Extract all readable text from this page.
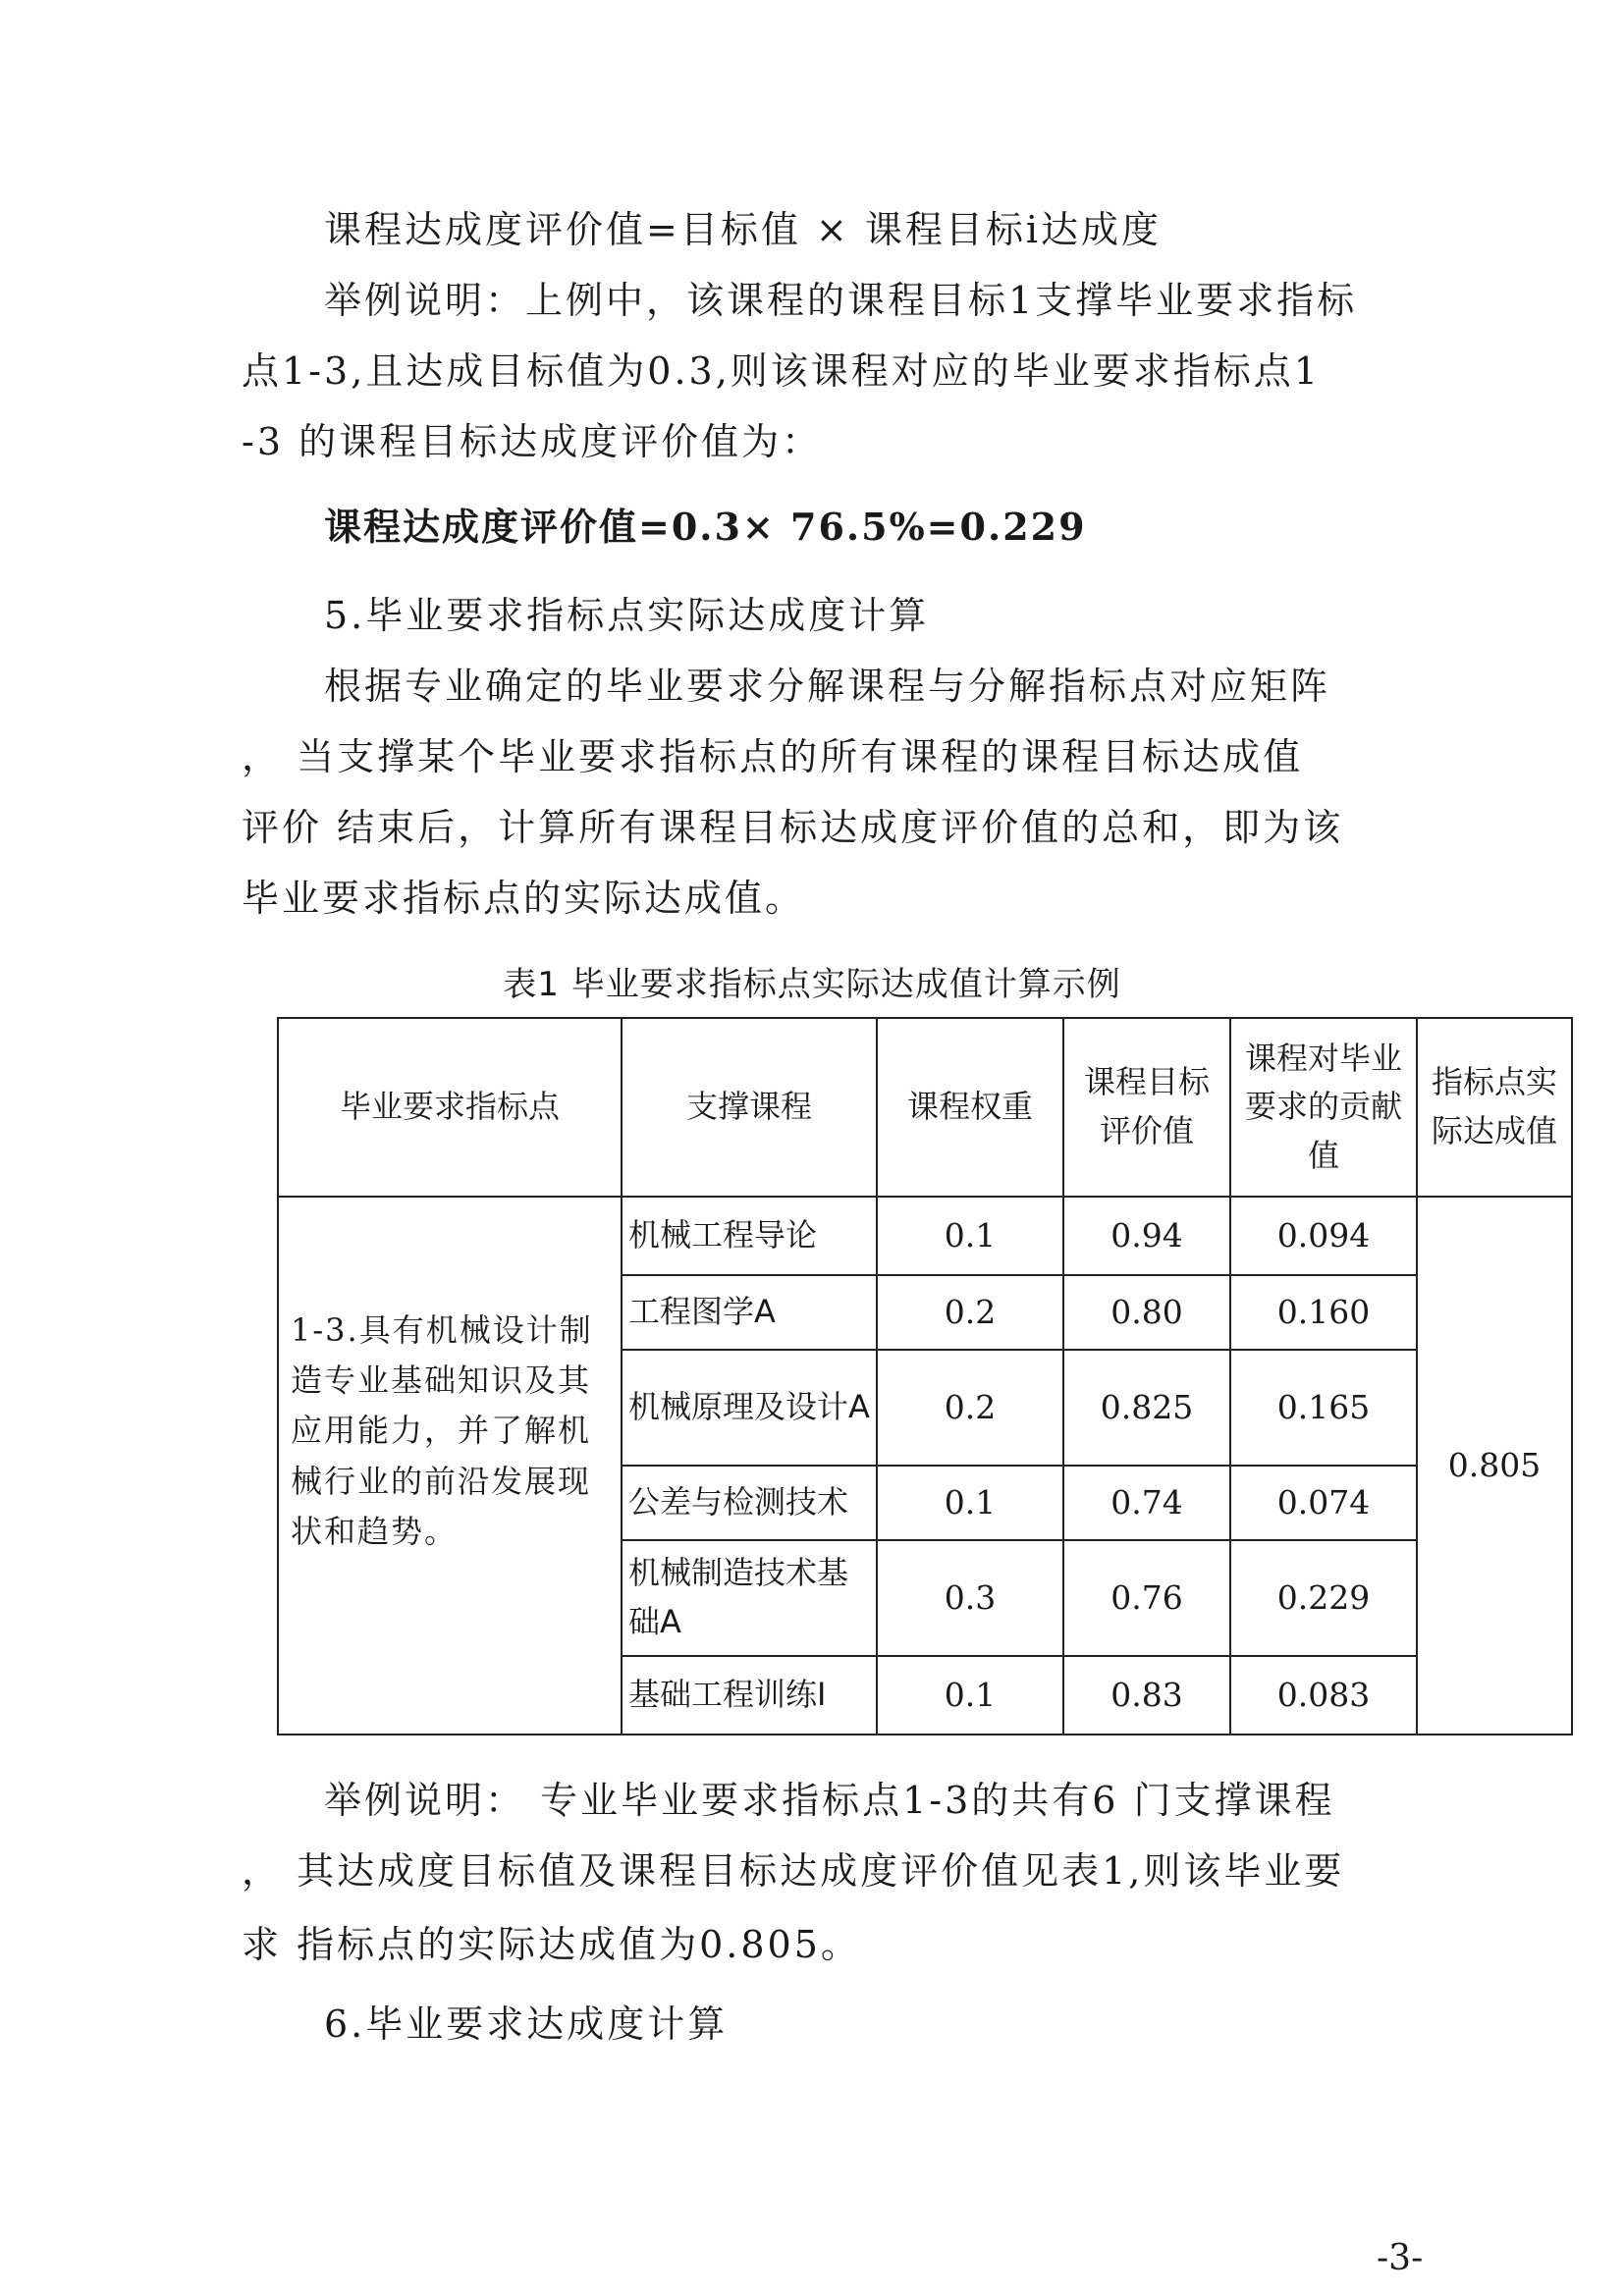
课程达成度评价值=目标值 × 课程目标i达成度
举例说明：上例中，该课程的课程目标1支撑毕业要求指标
点1-3,且达成目标值为0.3,则该课程对应的毕业要求指标点1
-3 的课程目标达成度评价值为：
课程达成度评价值=0.3× 76.5%=0.229
5.毕业要求指标点实际达成度计算
根据专业确定的毕业要求分解课程与分解指标点对应矩阵
， 当支撑某个毕业要求指标点的所有课程的课程目标达成值
评价 结束后，计算所有课程目标达成度评价值的总和，即为该
毕业要求指标点的实际达成值。
表1 毕业要求指标点实际达成值计算示例
毕业要求指标点	支撑课程	课程权重	课程目标评价值	课程对毕业要求的贡献值	指标点实际达成值
1-3.具有机械设计制造专业基础知识及其应用能力，并了解机械行业的前沿发展现状和趋势。	机械工程导论	0.1	0.94	0.094	0.805
	工程图学A	0.2	0.80	0.160	
	机械原理及设计A	0.2	0.825	0.165	
	公差与检测技术	0.1	0.74	0.074	
	机械制造技术基础A	0.3	0.76	0.229	
	基础工程训练I	0.1	0.83	0.083	
举例说明： 专业毕业要求指标点1-3的共有6 门支撑课程
， 其达成度目标值及课程目标达成度评价值见表1,则该毕业要
求 指标点的实际达成值为0.805。
6.毕业要求达成度计算
-3-
